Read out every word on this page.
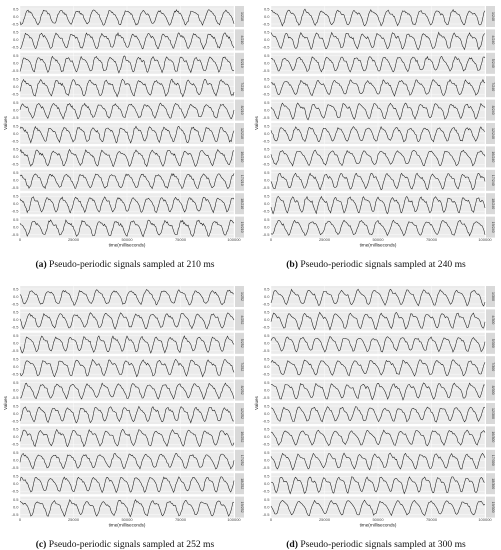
-0.5
0.0
0.5
1/210
-0.5
0.0
0.5
4/210
-0.5
0.0
0.5
5/210
-0.5
0.0
0.5
7/210
-0.5
0.0
0.5
8/210
-0.5
0.0
0.5
12/210
-0.5
0.0
0.5
16/210
-0.5
0.0
0.5
17/210
-0.5
0.0
0.5
18/210
-0.5
0.0
0.5
19/210
0	25000	50000	75000	100000
time(milliseconds)
Values
(a) Pseudo-periodic signals sampled at 210 ms
-0.5
0.0
0.5
1/240
-0.5
0.0
0.5
4/240
-0.5
0.0
0.5
5/240
-0.5
0.0
0.5
7/240
-0.5
0.0
0.5
8/240
-0.5
0.0
0.5
12/240
-0.5
0.0
0.5
16/240
-0.5
0.0
0.5
17/240
-0.5
0.0
0.5
18/240
-0.5
0.0
0.5
19/240
0	25000	50000	75000	100000
time(milliseconds)
Values
(b) Pseudo-periodic signals sampled at 240 ms
-0.5
0.0
0.5
1/252
-0.5
0.0
0.5
4/252
-0.5
0.0
0.5
5/252
-0.5
0.0
0.5
7/252
-0.5
0.0
0.5
8/252
-0.5
0.0
0.5
12/252
-0.5
0.0
0.5
16/252
-0.5
0.0
0.5
17/252
-0.5
0.0
0.5
18/252
-0.5
0.0
0.5
19/252
0	25000	50000	75000	100000
time(milliseconds)
Values
(c) Pseudo-periodic signals sampled at 252 ms
-0.5
0.0
0.5
1/300
-0.5
0.0
0.5
4/300
-0.5
0.0
0.5
5/300
-0.5
0.0
0.5
7/300
-0.5
0.0
0.5
8/300
-0.5
0.0
0.5
12/300
-0.5
0.0
0.5
16/300
-0.5
0.0
0.5
17/300
-0.5
0.0
0.5
18/300
-0.5
0.0
0.5
19/300
0	25000	50000	75000	100000
time(milliseconds)
Values
(d) Pseudo-periodic signals sampled at 300 ms
